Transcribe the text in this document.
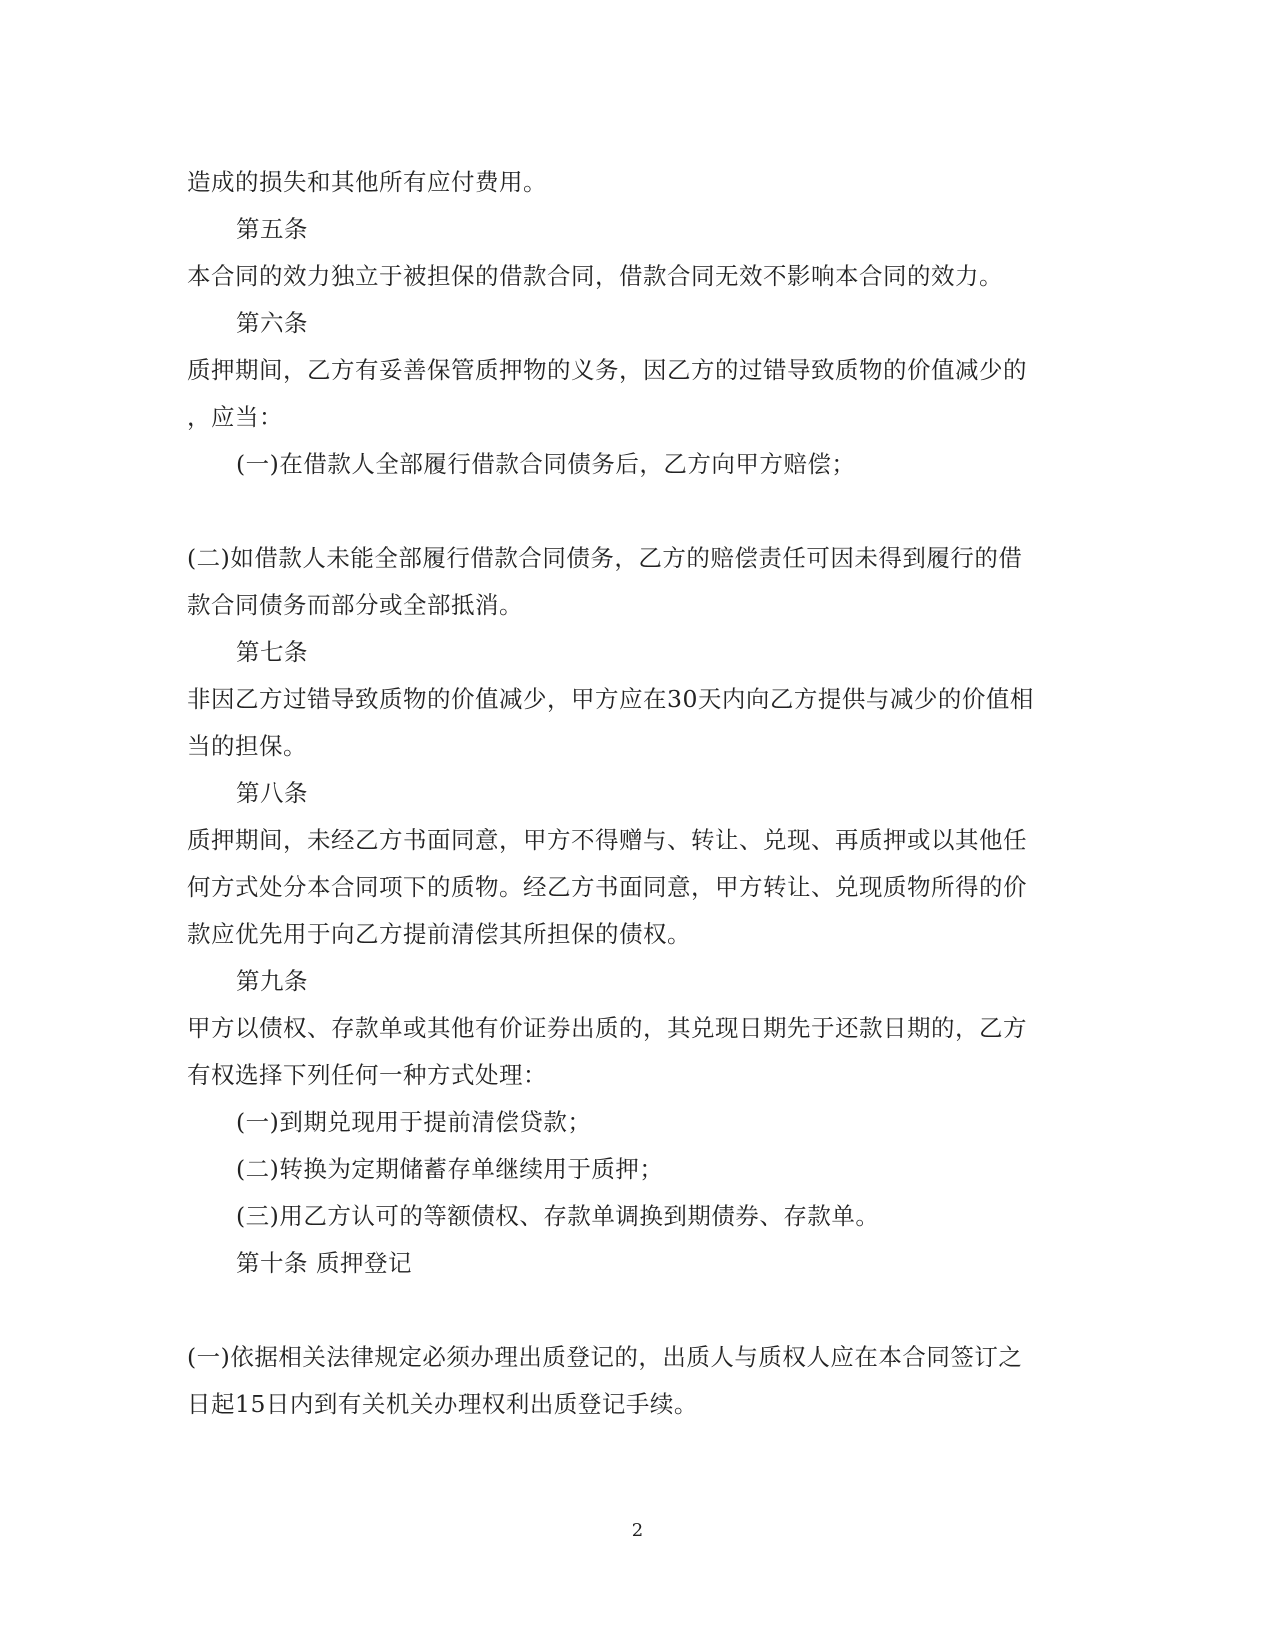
造成的损失和其他所有应付费用。
第五条
本合同的效力独立于被担保的借款合同，借款合同无效不影响本合同的效力。
第六条
质押期间，乙方有妥善保管质押物的义务，因乙方的过错导致质物的价值减少的
，应当：
(一)在借款人全部履行借款合同债务后，乙方向甲方赔偿；
(二)如借款人未能全部履行借款合同债务，乙方的赔偿责任可因未得到履行的借
款合同债务而部分或全部抵消。
第七条
非因乙方过错导致质物的价值减少，甲方应在30天内向乙方提供与减少的价值相
当的担保。
第八条
质押期间，未经乙方书面同意，甲方不得赠与、转让、兑现、再质押或以其他任
何方式处分本合同项下的质物。经乙方书面同意，甲方转让、兑现质物所得的价
款应优先用于向乙方提前清偿其所担保的债权。
第九条
甲方以债权、存款单或其他有价证券出质的，其兑现日期先于还款日期的，乙方
有权选择下列任何一种方式处理：
(一)到期兑现用于提前清偿贷款；
(二)转换为定期储蓄存单继续用于质押；
(三)用乙方认可的等额债权、存款单调换到期债券、存款单。
第十条 质押登记
(一)依据相关法律规定必须办理出质登记的，出质人与质权人应在本合同签订之
日起15日内到有关机关办理权利出质登记手续。
2
